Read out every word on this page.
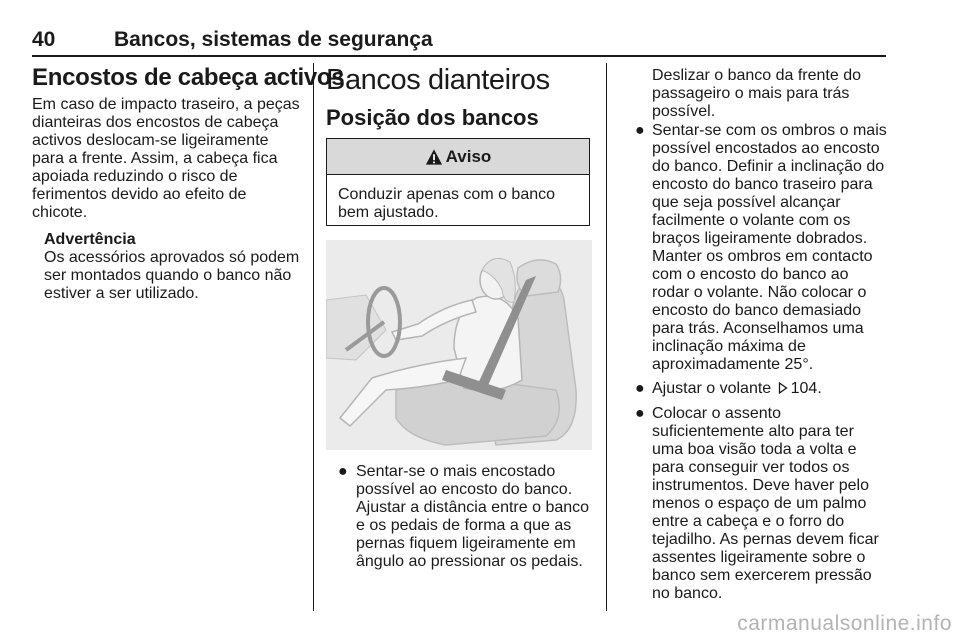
40	Bancos, sistemas de segurança
Encostos de cabeça activos

Em caso de impacto traseiro, a peças dianteiras dos encostos de cabeça activos deslocam-se ligeiramente para a frente. Assim, a cabeça fica apoiada reduzindo o risco de ferimentos devido ao efeito de chicote.

Advertência

Os acessórios aprovados só podem ser montados quando o banco não estiver a ser utilizado.

Bancos dianteiros
Posição dos bancos
Aviso
Conduzir apenas com o banco bem ajustado.
● Sentar-se o mais encostado possível ao encosto do banco. Ajustar a distância entre o banco e os pedais de forma a que as pernas fiquem ligeiramente em ângulo ao pressionar os pedais.

Deslizar o banco da frente do passageiro o mais para trás possível.

● Sentar-se com os ombros o mais possível encostados ao encosto do banco. Definir a inclinação do encosto do banco traseiro para que seja possível alcançar facilmente o volante com os braços ligeiramente dobrados. Manter os ombros em contacto com o encosto do banco ao rodar o volante. Não colocar o encosto do banco demasiado para trás. Aconselhamos uma inclinação máxima de aproximadamente 25°.
● Ajustar o volante 104.
● Colocar o assento suficientemente alto para ter uma boa visão toda a volta e para conseguir ver todos os instrumentos. Deve haver pelo menos o espaço de um palmo entre a cabeça e o forro do tejadilho. As pernas devem ficar assentes ligeiramente sobre o banco sem exercerem pressão no banco.
carmanualsonline.info
